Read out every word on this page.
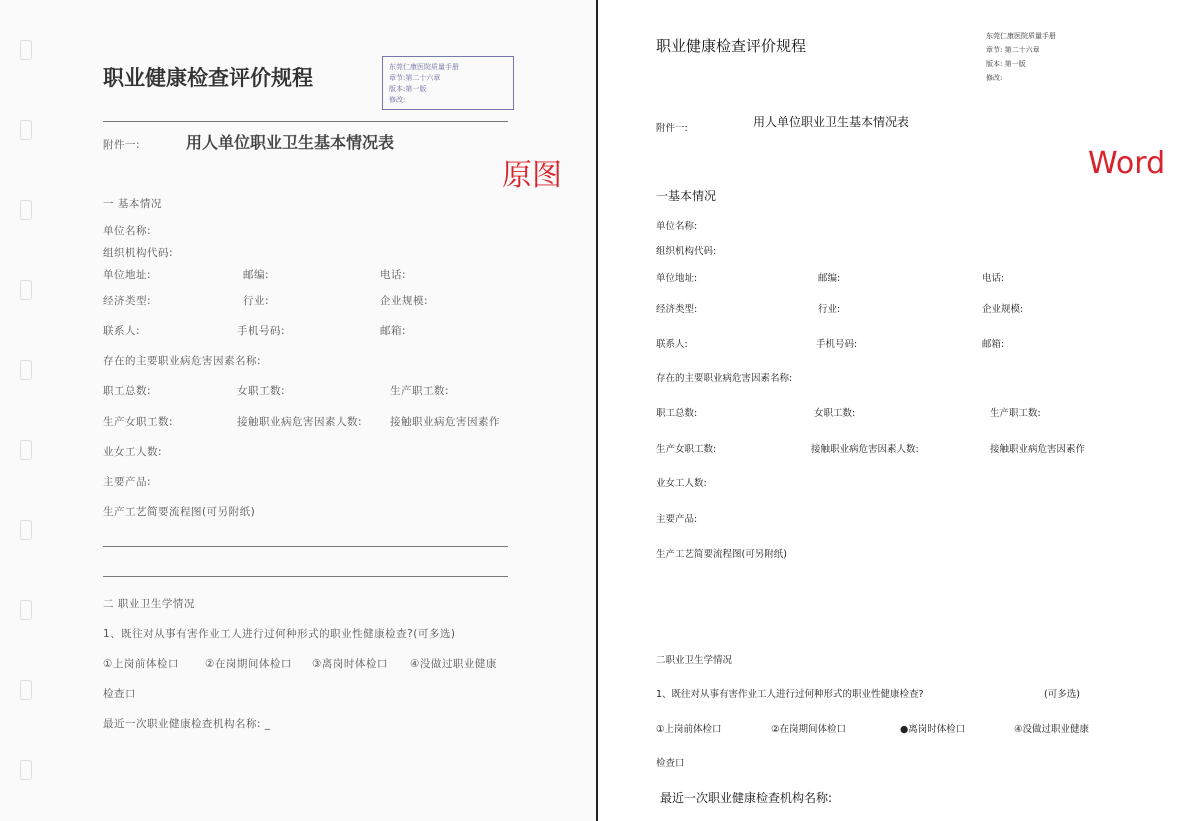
职业健康检查评价规程	东莞仁康医院质量手册
章节:第二十六章
版本:第一版
修改:
原图
附件一:	用人单位职业卫生基本情况表
一 基本情况
单位名称:
组织机构代码:
单位地址:	邮编:	电话:
经济类型:	行业:	企业规模:
联系人:	手机号码:	邮箱:
存在的主要职业病危害因素名称:
职工总数:	女职工数:	生产职工数:
生产女职工数:	接触职业病危害因素人数:	接触职业病危害因素作
业女工人数:
主要产品:
生产工艺简要流程图(可另附纸)
二 职业卫生学情况
1、既往对从事有害作业工人进行过何种形式的职业性健康检查?(可多选)
①上岗前体检口 ②在岗期间体检口 ③离岗时体检口 ④没做过职业健康
检查口
最近一次职业健康检查机构名称: _
职业健康检查评价规程
东莞仁康医院质量手册
章节: 第二十六章
版本: 第一版
修改:
Word
附件一:	用人单位职业卫生基本情况表
一基本情况
单位名称:
组织机构代码:
单位地址:	邮编:	电话:
经济类型:	行业:	企业规模:
联系人:	手机号码:	邮箱:
存在的主要职业病危害因素名称:
职工总数:	女职工数:	生产职工数:
生产女职工数:	接触职业病危害因素人数:	接触职业病危害因素作
业女工人数:
主要产品:
生产工艺简要流程图(可另附纸)
二职业卫生学情况
1、既往对从事有害作业工人进行过何种形式的职业性健康检查?	(可多选)
①上岗前体检口	②在岗期间体检口	●离岗时体检口	④没做过职业健康
检查口
最近一次职业健康检查机构名称:
